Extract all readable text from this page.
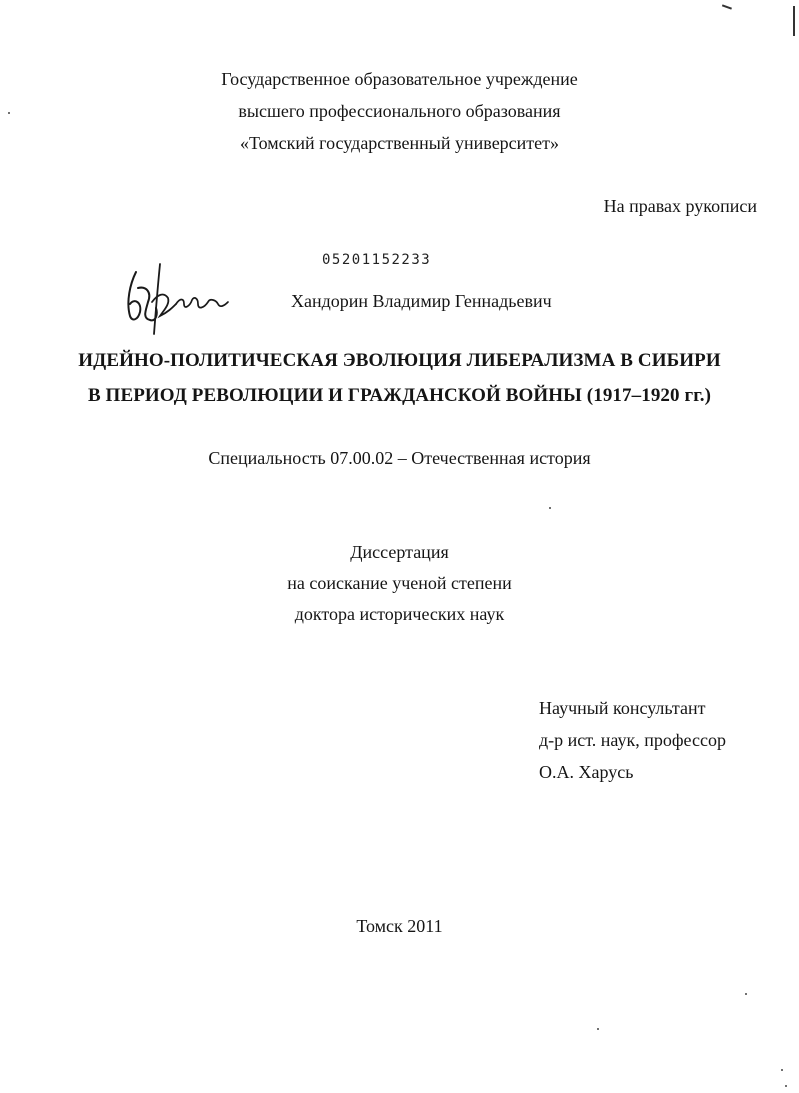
Государственное образовательное учреждение
высшего профессионального образования
«Томский государственный университет»
На правах рукописи
05201152233
Хандорин Владимир Геннадьевич
ИДЕЙНО-ПОЛИТИЧЕСКАЯ ЭВОЛЮЦИЯ ЛИБЕРАЛИЗМА В СИБИРИ
В ПЕРИОД РЕВОЛЮЦИИ И ГРАЖДАНСКОЙ ВОЙНЫ (1917–1920 гг.)
Специальность 07.00.02 – Отечественная история
Диссертация
на соискание ученой степени
доктора исторических наук
Научный консультант
д-р ист. наук, профессор
О.А. Харусь
Томск 2011
